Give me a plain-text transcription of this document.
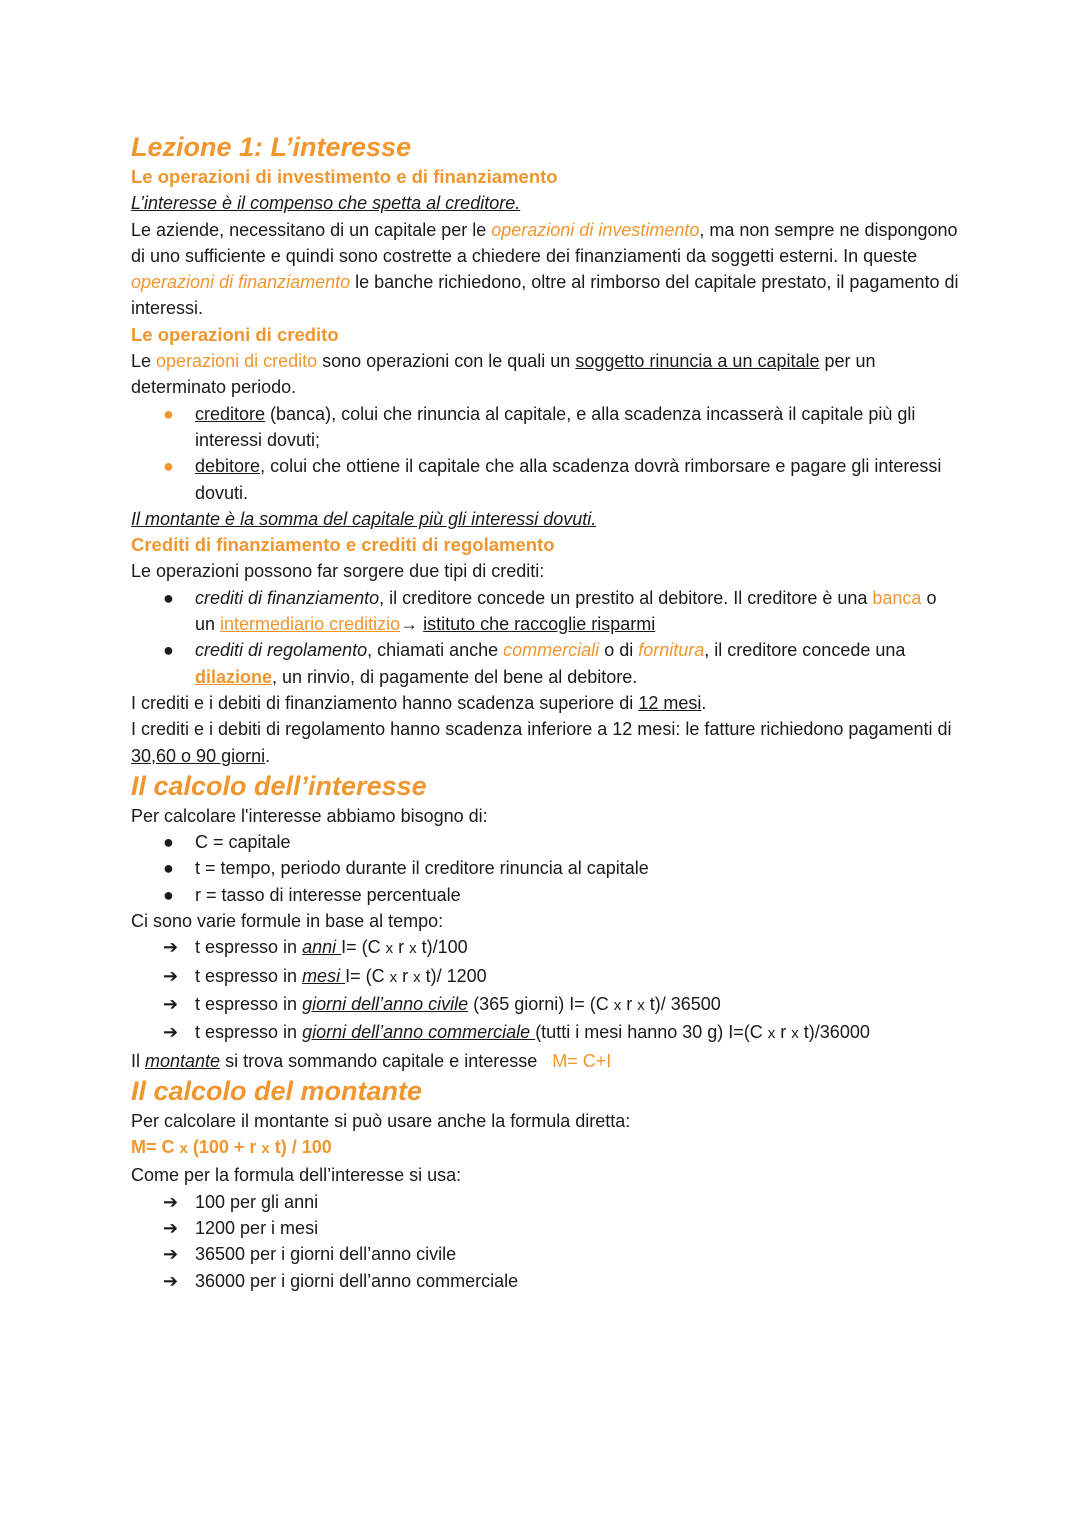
Lezione 1: L’interesse
Le operazioni di investimento e di finanziamento

L’interesse è il compenso che spetta al creditore.

Le aziende, necessitano di un capitale per le operazioni di investimento, ma non sempre ne dispongono di uno sufficiente e quindi sono costrette a chiedere dei finanziamenti da soggetti esterni. In queste operazioni di finanziamento le banche richiedono, oltre al rimborso del capitale prestato, il pagamento di interessi.

Le operazioni di credito

Le operazioni di credito sono operazioni con le quali un soggetto rinuncia a un capitale per un determinato periodo.

● creditore (banca), colui che rinuncia al capitale, e alla scadenza incasserà il capitale più gli interessi dovuti;
● debitore, colui che ottiene il capitale che alla scadenza dovrà rimborsare e pagare gli interessi dovuti.

Il montante è la somma del capitale più gli interessi dovuti.

Crediti di finanziamento e crediti di regolamento

Le operazioni possono far sorgere due tipi di crediti:

● crediti di finanziamento, il creditore concede un prestito al debitore. Il creditore è una banca o un intermediario creditizio→ istituto che raccoglie risparmi
● crediti di regolamento, chiamati anche commerciali o di fornitura, il creditore concede una dilazione, un rinvio, di pagamente del bene al debitore.

I crediti e i debiti di finanziamento hanno scadenza superiore di 12 mesi.

I crediti e i debiti di regolamento hanno scadenza inferiore a 12 mesi: le fatture richiedono pagamenti di 30,60 o 90 giorni.

Il calcolo dell’interesse

Per calcolare l'interesse abbiamo bisogno di:

● C = capitale
● t = tempo, periodo durante il creditore rinuncia al capitale
● r = tasso di interesse percentuale

Ci sono varie formule in base al tempo:

➔ t espresso in anni I= (C x r x t)/100
➔ t espresso in mesi I= (C x r x t)/ 1200
➔ t espresso in giorni dell’anno civile (365 giorni) I= (C x r x t)/ 36500
➔ t espresso in giorni dell’anno commerciale (tutti i mesi hanno 30 g) I=(C x r x t)/36000

Il montante si trova sommando capitale e interesse   M= C+I

Il calcolo del montante

Per calcolare il montante si può usare anche la formula diretta:

M= C x (100 + r x t) / 100

Come per la formula dell’interesse si usa:

➔ 100 per gli anni
➔ 1200 per i mesi
➔ 36500 per i giorni dell’anno civile
➔ 36000 per i giorni dell’anno commerciale
